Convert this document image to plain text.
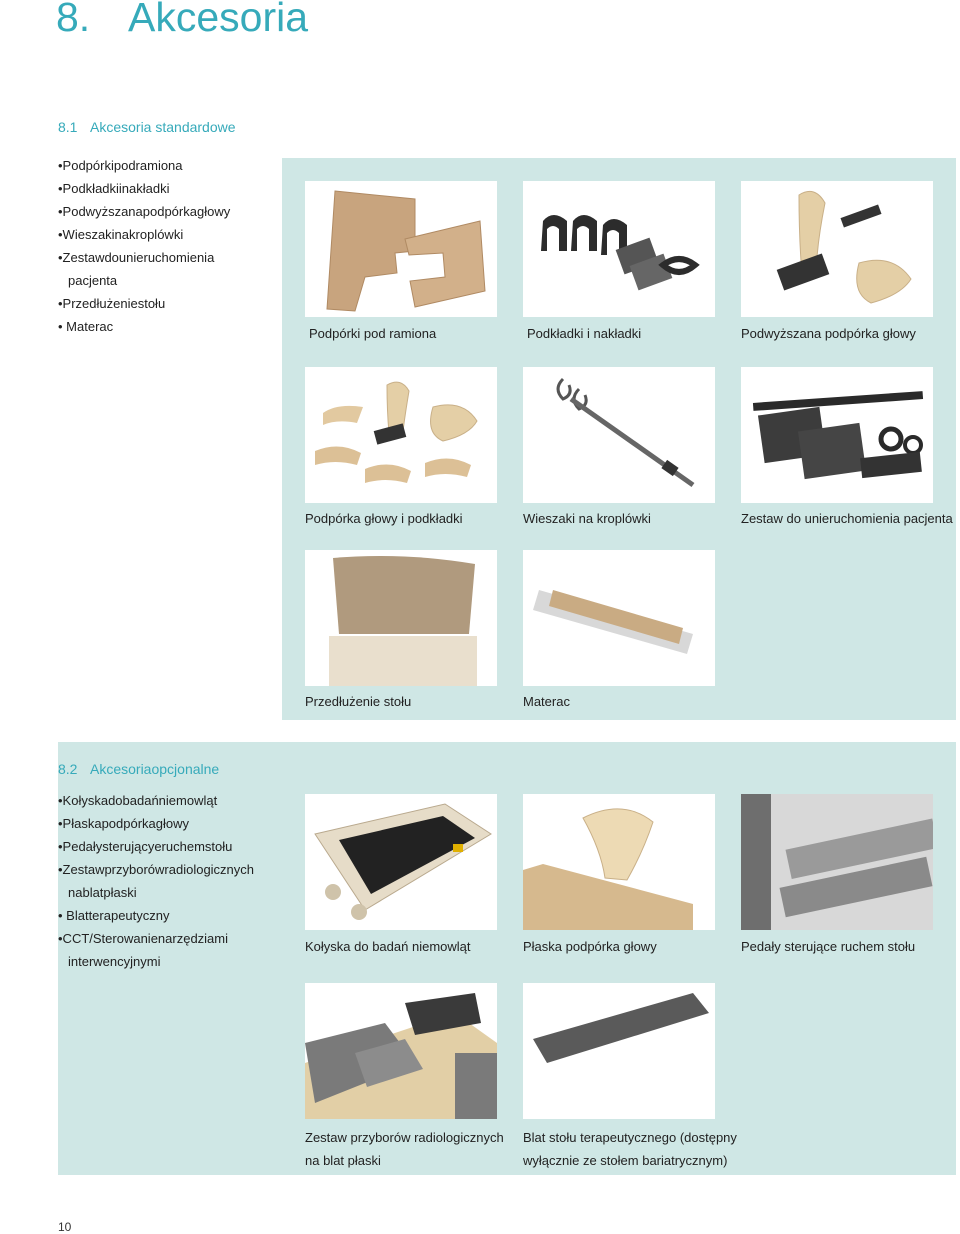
8. Akcesoria
8.1 Akcesoria standardowe
•Podpórkipodramiona
•Podkładkiinakładki
•Podwyższanapodpórkagłowy
•Wieszakinakroplówki
•Zestawdounieruchomienia
pacjenta
•Przedłużeniestołu
• Materac	Podpórki pod ramiona	Podkładki i nakładki	Podwyższana podpórka głowy
Podpórka głowy i podkładki	Wieszaki na kroplówki	Zestaw do unieruchomienia pacjenta
Przedłużenie stołu	Materac
8.2 Akcesoriaopcjonalne
•Kołyskadobadańniemowląt
•Płaskapodpórkagłowy
•Pedałysterującyeruchemstołu
•Zestawprzyborówradiologicznych
nablatpłaski
• Blatterapeutyczny
•CCT/Sterowanienarzędziami
interwencyjnymi
Kołyska do badań niemowląt	Płaska podpórka głowy	Pedały sterujące ruchem stołu
Zestaw przyborów radiologicznych
na blat płaski
Blat stołu terapeutycznego (dostępny
wyłącznie ze stołem bariatrycznym)
10
